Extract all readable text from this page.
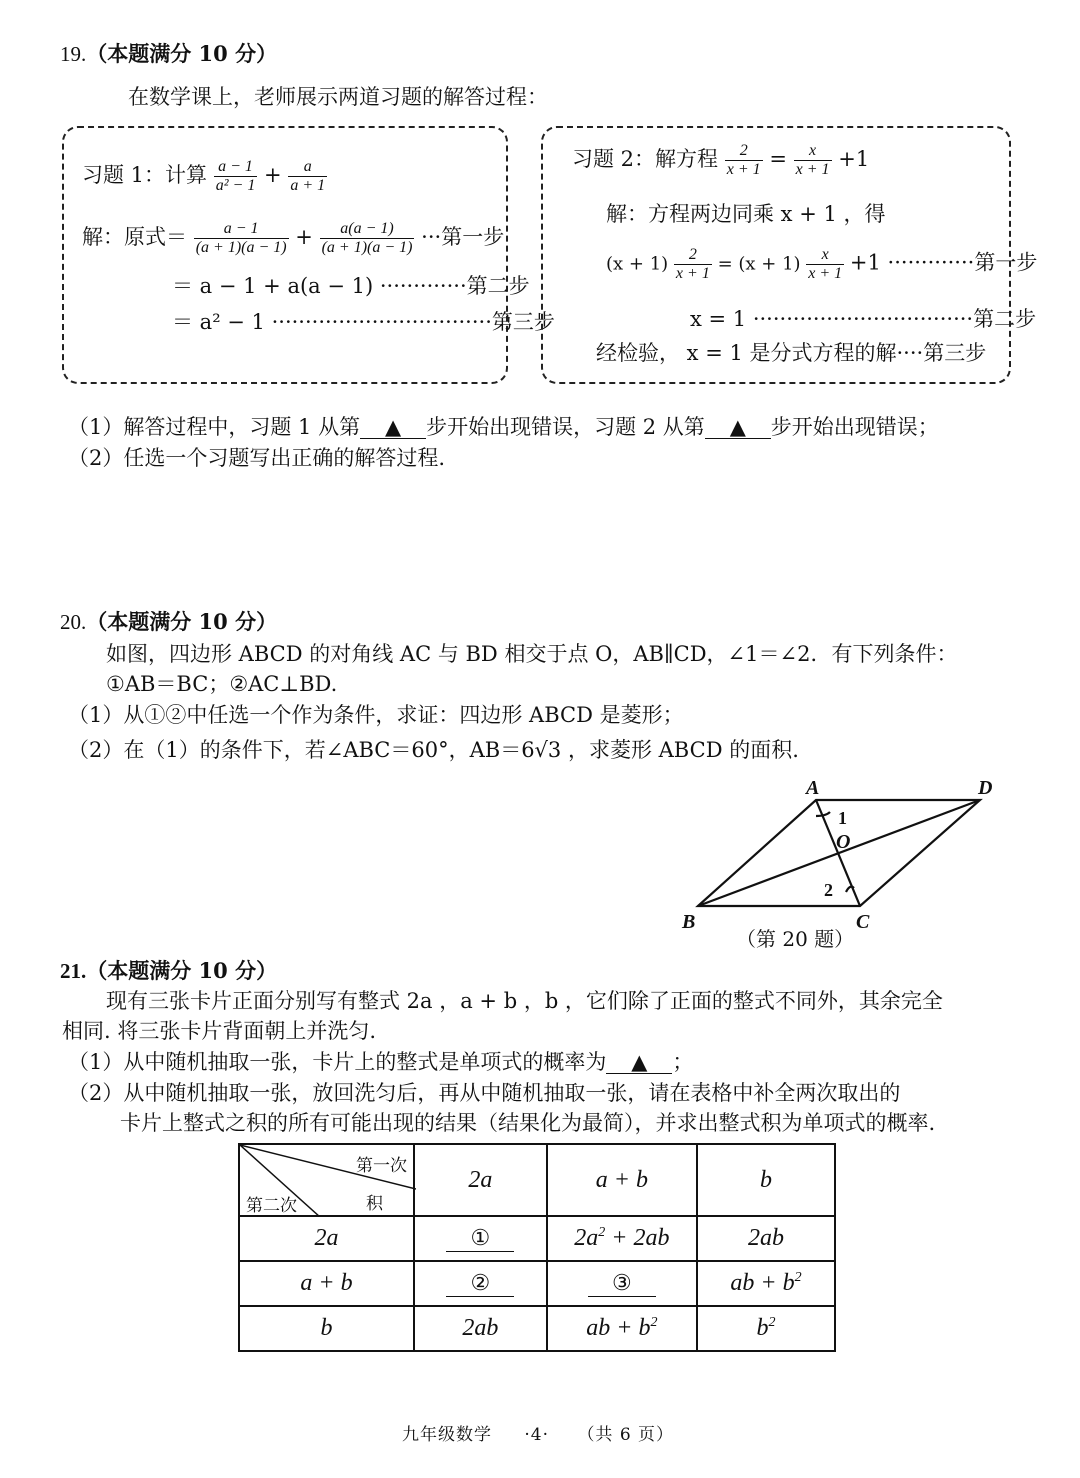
19.（本题满分 10 分）
在数学课上，老师展示两道习题的解答过程：
习题 1：计算 $\frac{a - 1}{\text{a² − 1}} + \frac{a}{a + 1}$
解：原式＝ $\frac{a - 1}{(a + 1)(a - 1)} + \frac{a(a - 1)}{(a + 1)(a - 1)}$ ···第一步
＝ a − 1 + a(a − 1) ·············第二步
＝ a² − 1 ·································第三步
习题 2：解方程 $\frac{2}{x + 1} = \frac{x}{x + 1} +1$
解：方程两边同乘 x + 1 ，得
$(x + 1) \frac{2}{x + 1} = (x + 1) \frac{x}{x + 1} +1$ ·············第一步
x = 1 ·································第二步
经检验， x = 1 是分式方程的解····第三步
（1）解答过程中，习题 1 从第 ▲ 步开始出现错误，习题 2 从第 ▲ 步开始出现错误；
（2）任选一个习题写出正确的解答过程.
20.（本题满分 10 分）
如图，四边形 ABCD 的对角线 AC 与 BD 相交于点 O，AB∥CD，∠1＝∠2．有下列条件：
①AB＝BC；②AC⊥BD.
（1）从①②中任选一个作为条件，求证：四边形 ABCD 是菱形；
（2）在（1）的条件下，若∠ABC＝60°，AB＝6√3 ，求菱形 ABCD 的面积.
A	D
B	C
O
1
2
（第 20 题）
21.（本题满分 10 分）
现有三张卡片正面分别写有整式 2a ，a + b ，b ，它们除了正面的整式不同外，其余完全
相同. 将三张卡片背面朝上并洗匀.
（1）从中随机抽取一张，卡片上的整式是单项式的概率为 ▲ ；
（2）从中随机抽取一张，放回洗匀后，再从中随机抽取一张，请在表格中补全两次取出的
卡片上整式之积的所有可能出现的结果（结果化为最简），并求出整式积为单项式的概率.
第一次
积
第二次	2a	a + b	b
2a	①	$2a^2 + 2ab$	2ab
a + b	②	③	ab + $b^2$
b	2ab	ab + $b^2$	$b^2$
九年级数学 ·4· （共 6 页）
